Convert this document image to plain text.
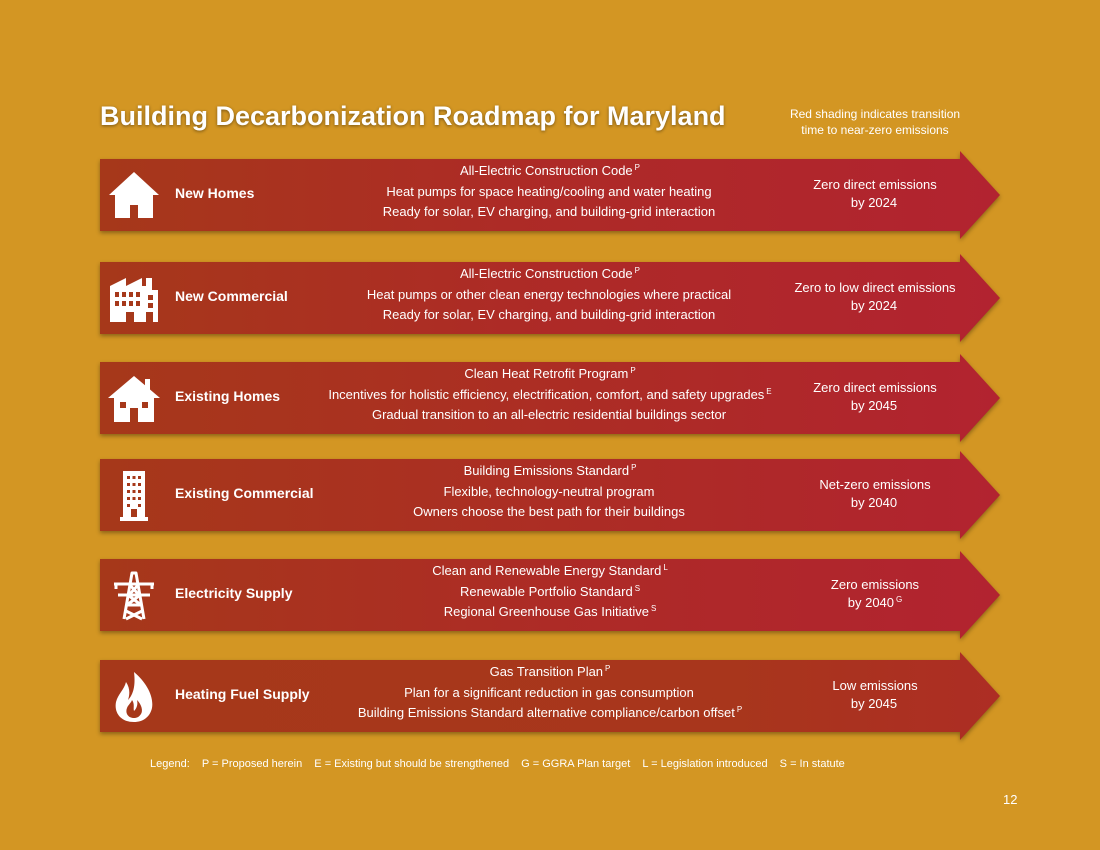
Building Decarbonization Roadmap for Maryland	Red shading indicates transition
time to near-zero emissions
New Homes
All-Electric Construction Code $^P$
Heat pumps for space heating/cooling and water heating
Ready for solar, EV charging, and building-grid interaction
Zero direct emissions
by 2024
New Commercial
All-Electric Construction Code $^P$
Heat pumps or other clean energy technologies where practical
Ready for solar, EV charging, and building-grid interaction
Zero to low direct emissions
by 2024
Existing Homes
Clean Heat Retrofit Program $^P$
Incentives for holistic efficiency, electrification, comfort, and safety upgrades $^E$
Gradual transition to an all-electric residential buildings sector
Zero direct emissions
by 2045
Existing Commercial
Building Emissions Standard $^P$
Flexible, technology-neutral program
Owners choose the best path for their buildings
Net-zero emissions
by 2040
Electricity Supply
Clean and Renewable Energy Standard $^L$
Renewable Portfolio Standard $^S$
Regional Greenhouse Gas Initiative $^S$
Zero emissions
by 2040 $^G$
Heating Fuel Supply
Gas Transition Plan $^P$
Plan for a significant reduction in gas consumption
Building Emissions Standard alternative compliance/carbon offset $^P$
Low emissions
by 2045
Legend: P = Proposed herein E = Existing but should be strengthened G = GGRA Plan target L = Legislation introduced S = In statute
12
